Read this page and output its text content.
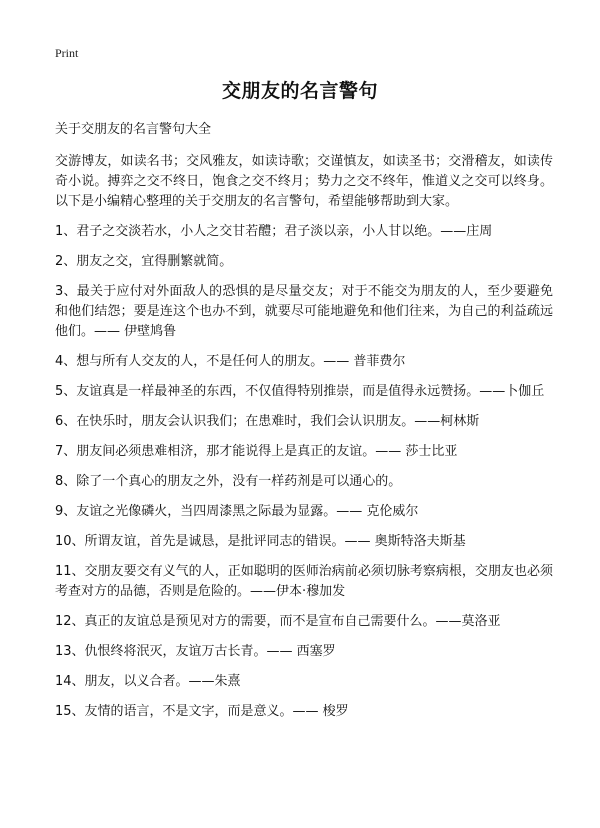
Print
交朋友的名言警句

关于交朋友的名言警句大全

交游博友，如读名书；交风雅友，如读诗歌；交谨慎友，如读圣书；交滑稽友，如读传奇小说。搏弈之交不终日，饱食之交不终月；势力之交不终年，惟道义之交可以终身。以下是小编精心整理的关于交朋友的名言警句，希望能够帮助到大家。

1、君子之交淡若水，小人之交甘若醴；君子淡以亲，小人甘以绝。——庄周

2、朋友之交，宜得删繁就简。

3、最关于应付对外面敌人的恐惧的是尽量交友；对于不能交为朋友的人，至少要避免和他们结怨；要是连这个也办不到，就要尽可能地避免和他们往来，为自己的利益疏远他们。—— 伊壁鸠鲁

4、想与所有人交友的人，不是任何人的朋友。—— 普菲费尔

5、友谊真是一样最神圣的东西，不仅值得特别推崇，而是值得永远赞扬。——卜伽丘

6、在快乐时，朋友会认识我们；在患难时，我们会认识朋友。——柯林斯

7、朋友间必须患难相济，那才能说得上是真正的友谊。—— 莎士比亚

8、除了一个真心的朋友之外，没有一样药剂是可以通心的。

9、友谊之光像磷火，当四周漆黑之际最为显露。—— 克伦威尔

10、所谓友谊，首先是诚恳，是批评同志的错误。—— 奥斯特洛夫斯基

11、交朋友要交有义气的人，正如聪明的医师治病前必须切脉考察病根，交朋友也必须考查对方的品德，否则是危险的。——伊本·穆加发

12、真正的友谊总是预见对方的需要，而不是宣布自己需要什么。——莫洛亚

13、仇恨终将泯灭，友谊万古长青。—— 西塞罗

14、朋友，以义合者。——朱熹

15、友情的语言，不是文字，而是意义。—— 梭罗
